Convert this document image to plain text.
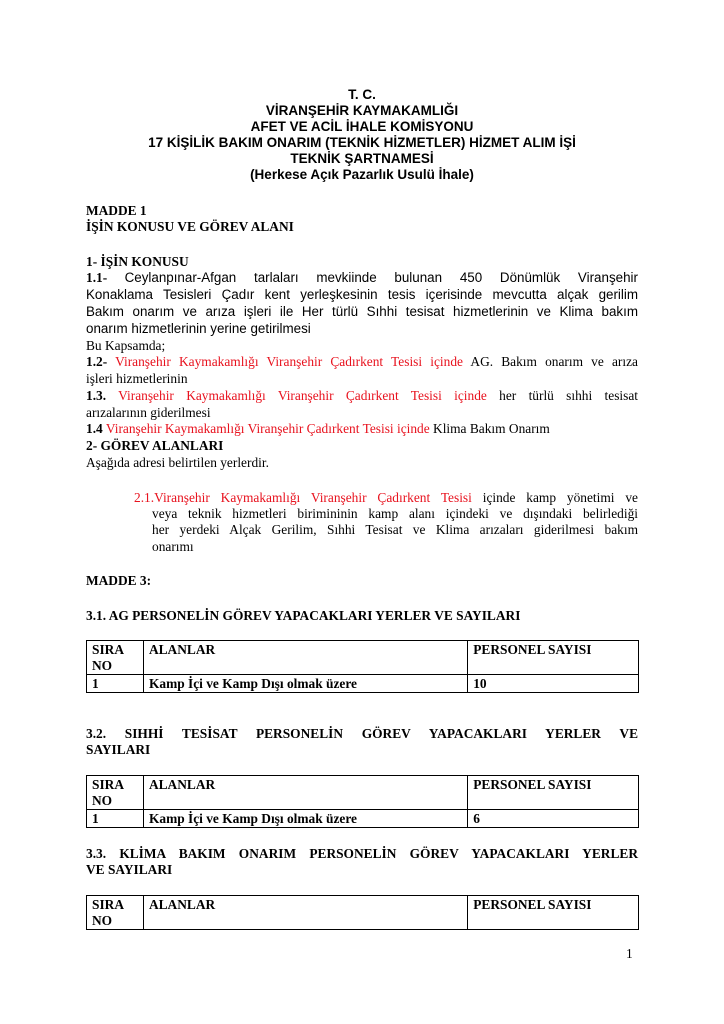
T. C.

VİRANŞEHİR KAYMAKAMLIĞI

AFET VE ACİL İHALE KOMİSYONU

17 KİŞİLİK BAKIM ONARIM (TEKNİK HİZMETLER) HİZMET ALIM İŞİ

TEKNİK ŞARTNAMESİ

(Herkese Açık Pazarlık Usulü İhale)

MADDE 1

İŞİN KONUSU VE GÖREV ALANI

1- İŞİN KONUSU

1.1- Ceylanpınar-Afgan tarlaları mevkiinde bulunan 450 Dönümlük Viranşehir

Konaklama Tesisleri Çadır kent yerleşkesinin tesis içerisinde mevcutta alçak gerilim

Bakım onarım ve arıza işleri ile Her türlü Sıhhi tesisat hizmetlerinin ve Klima bakım

onarım hizmetlerinin yerine getirilmesi

Bu Kapsamda;

1.2- Viranşehir Kaymakamlığı Viranşehir Çadırkent Tesisi içinde AG. Bakım onarım ve arıza

işleri hizmetlerinin

1.3. Viranşehir Kaymakamlığı Viranşehir Çadırkent Tesisi içinde her türlü sıhhi tesisat

arızalarının giderilmesi

1.4 Viranşehir Kaymakamlığı Viranşehir Çadırkent Tesisi içinde Klima Bakım Onarım

2- GÖREV ALANLARI

Aşağıda adresi belirtilen yerlerdir.

2.1.Viranşehir Kaymakamlığı Viranşehir Çadırkent Tesisi içinde kamp yönetimi ve

veya teknik hizmetleri birimininin kamp alanı içindeki ve dışındaki belirlediği

her yerdeki Alçak Gerilim, Sıhhi Tesisat ve Klima arızaları giderilmesi bakım

onarımı

MADDE 3:

3.1. AG PERSONELİN GÖREV YAPACAKLARI YERLER VE SAYILARI

SIRA
NO	ALANLAR	PERSONEL SAYISI
1	Kamp İçi ve Kamp Dışı olmak üzere	10

3.2. SIHHİ TESİSAT PERSONELİN GÖREV YAPACAKLARI YERLER VE

SAYILARI

SIRA
NO	ALANLAR	PERSONEL SAYISI
1	Kamp İçi ve Kamp Dışı olmak üzere	6

3.3. KLİMA BAKIM ONARIM PERSONELİN GÖREV YAPACAKLARI YERLER

VE SAYILARI

SIRA
NO	ALANLAR	PERSONEL SAYISI
1
